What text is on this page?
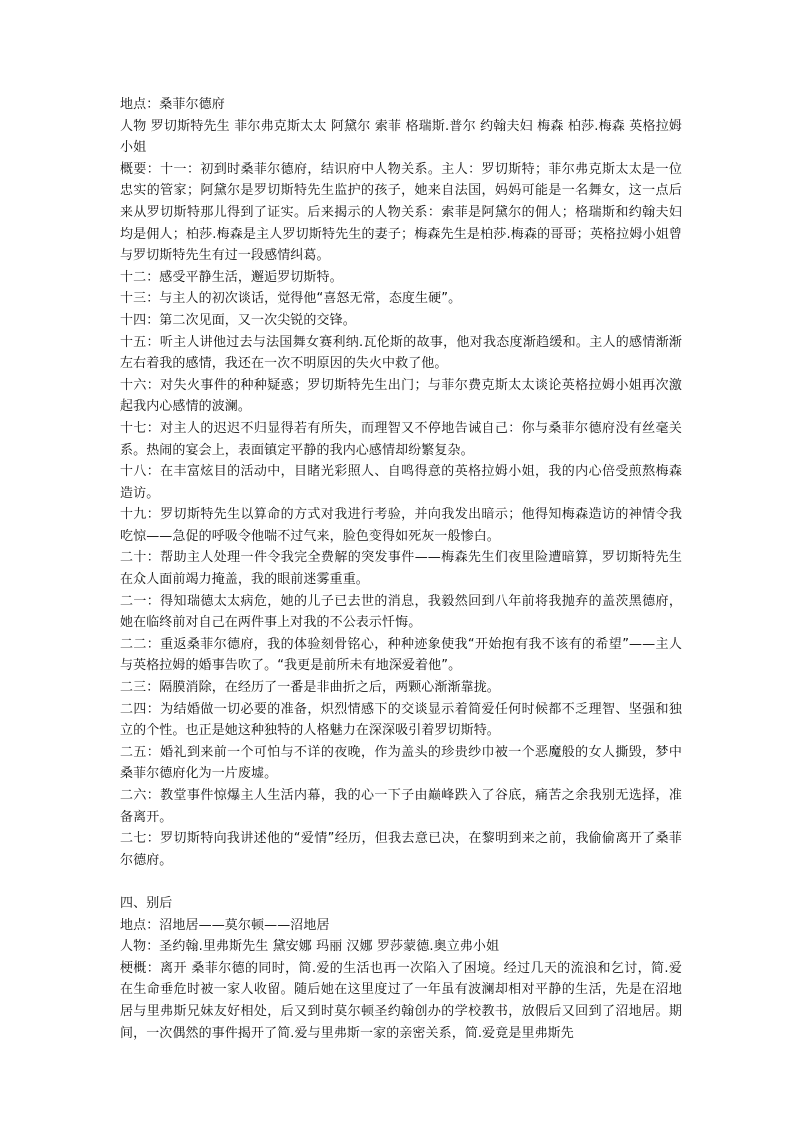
地点：桑菲尔德府

人物 罗切斯特先生 菲尔弗克斯太太 阿黛尔 索菲 格瑞斯.普尔 约翰夫妇 梅森 柏莎.梅森 英格拉姆小姐

概要：十一：初到时桑菲尔德府，结识府中人物关系。主人：罗切斯特；菲尔弗克斯太太是一位忠实的管家；阿黛尔是罗切斯特先生监护的孩子，她来自法国，妈妈可能是一名舞女，这一点后来从罗切斯特那儿得到了证实。后来揭示的人物关系：索菲是阿黛尔的佣人；格瑞斯和约翰夫妇均是佣人；柏莎.梅森是主人罗切斯特先生的妻子；梅森先生是柏莎.梅森的哥哥；英格拉姆小姐曾与罗切斯特先生有过一段感情纠葛。

十二：感受平静生活，邂逅罗切斯特。

十三：与主人的初次谈话，觉得他“喜怒无常，态度生硬”。

十四：第二次见面，又一次尖锐的交锋。

十五：听主人讲他过去与法国舞女赛利纳.瓦伦斯的故事，他对我态度渐趋缓和。主人的感情渐渐左右着我的感情，我还在一次不明原因的失火中救了他。

十六：对失火事件的种种疑惑；罗切斯特先生出门；与菲尔费克斯太太谈论英格拉姆小姐再次激起我内心感情的波澜。

十七：对主人的迟迟不归显得若有所失，而理智又不停地告诫自己：你与桑菲尔德府没有丝毫关系。热闹的宴会上，表面镇定平静的我内心感情却纷繁复杂。

十八：在丰富炫目的活动中，目睹光彩照人、自鸣得意的英格拉姆小姐，我的内心倍受煎熬梅森造访。

十九：罗切斯特先生以算命的方式对我进行考验，并向我发出暗示；他得知梅森造访的神情令我吃惊——急促的呼吸令他喘不过气来，脸色变得如死灰一般惨白。

二十：帮助主人处理一件令我完全费解的突发事件——梅森先生们夜里险遭暗算，罗切斯特先生在众人面前竭力掩盖，我的眼前迷雾重重。

二一：得知瑞德太太病危，她的儿子已去世的消息，我毅然回到八年前将我抛弃的盖茨黑德府，她在临终前对自己在两件事上对我的不公表示忏悔。

二二：重返桑菲尔德府，我的体验刻骨铭心，种种迹象使我“开始抱有我不该有的希望”——主人与英格拉姆的婚事告吹了。“我更是前所未有地深爱着他”。

二三：隔膜消除，在经历了一番是非曲折之后，两颗心渐渐靠拢。

二四：为结婚做一切必要的准备，炽烈情感下的交谈显示着简爱任何时候都不乏理智、坚强和独立的个性。也正是她这种独特的人格魅力在深深吸引着罗切斯特。

二五：婚礼到来前一个可怕与不详的夜晚，作为盖头的珍贵纱巾被一个恶魔般的女人撕毁，梦中桑菲尔德府化为一片废墟。

二六：教堂事件惊爆主人生活内幕，我的心一下子由巅峰跌入了谷底，痛苦之余我别无选择，准备离开。

二七：罗切斯特向我讲述他的“爱情”经历，但我去意已决，在黎明到来之前，我偷偷离开了桑菲尔德府。

四、别后

地点：沼地居——莫尔顿——沼地居

人物：圣约翰.里弗斯先生 黛安娜 玛丽 汉娜 罗莎蒙德.奥立弗小姐

梗概：离开 桑菲尔德的同时，简.爱的生活也再一次陷入了困境。经过几天的流浪和乞讨，简.爱在生命垂危时被一家人收留。随后她在这里度过了一年虽有波澜却相对平静的生活，先是在沼地居与里弗斯兄妹友好相处，后又到时莫尔顿圣约翰创办的学校教书，放假后又回到了沼地居。期间，一次偶然的事件揭开了简.爱与里弗斯一家的亲密关系，简.爱竟是里弗斯先
